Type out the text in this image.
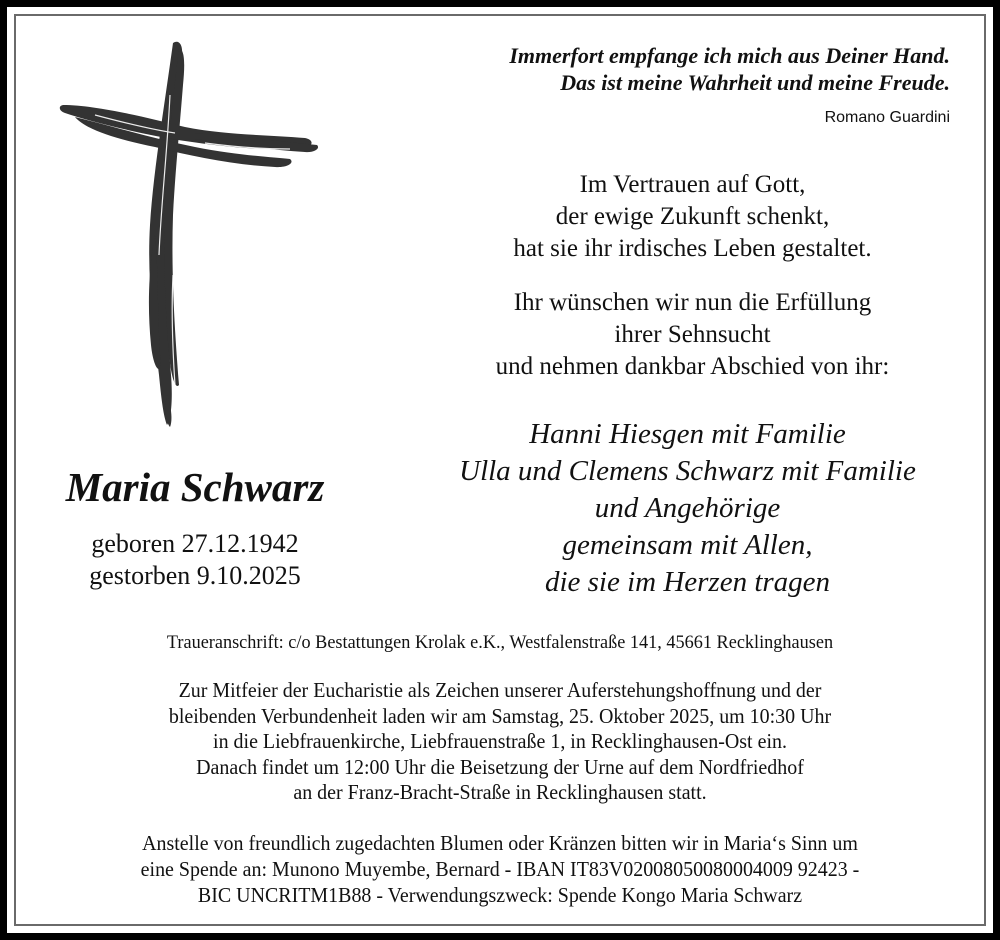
Immerfort empfange ich mich aus Deiner Hand.
Das ist meine Wahrheit und meine Freude.
Romano Guardini
Im Vertrauen auf Gott,
der ewige Zukunft schenkt,
hat sie ihr irdisches Leben gestaltet.
Ihr wünschen wir nun die Erfüllung
ihrer Sehnsucht
und nehmen dankbar Abschied von ihr:
Hanni Hiesgen mit Familie
Ulla und Clemens Schwarz mit Familie
und Angehörige
gemeinsam mit Allen,
die sie im Herzen tragen
Maria Schwarz
geboren 27.12.1942
gestorben 9.10.2025
Traueranschrift: c/o Bestattungen Krolak e.K., Westfalenstraße 141, 45661 Recklinghausen
Zur Mitfeier der Eucharistie als Zeichen unserer Auferstehungshoffnung und der
bleibenden Verbundenheit laden wir am Samstag, 25. Oktober 2025, um 10:30 Uhr
in die Liebfrauenkirche, Liebfrauenstraße 1, in Recklinghausen-Ost ein.
Danach findet um 12:00 Uhr die Beisetzung der Urne auf dem Nordfriedhof
an der Franz-Bracht-Straße in Recklinghausen statt.
Anstelle von freundlich zugedachten Blumen oder Kränzen bitten wir in Maria‘s Sinn um
eine Spende an: Munono Muyembe, Bernard - IBAN IT83V02008050080004009 92423 -
BIC UNCRITM1B88 - Verwendungszweck: Spende Kongo Maria Schwarz
